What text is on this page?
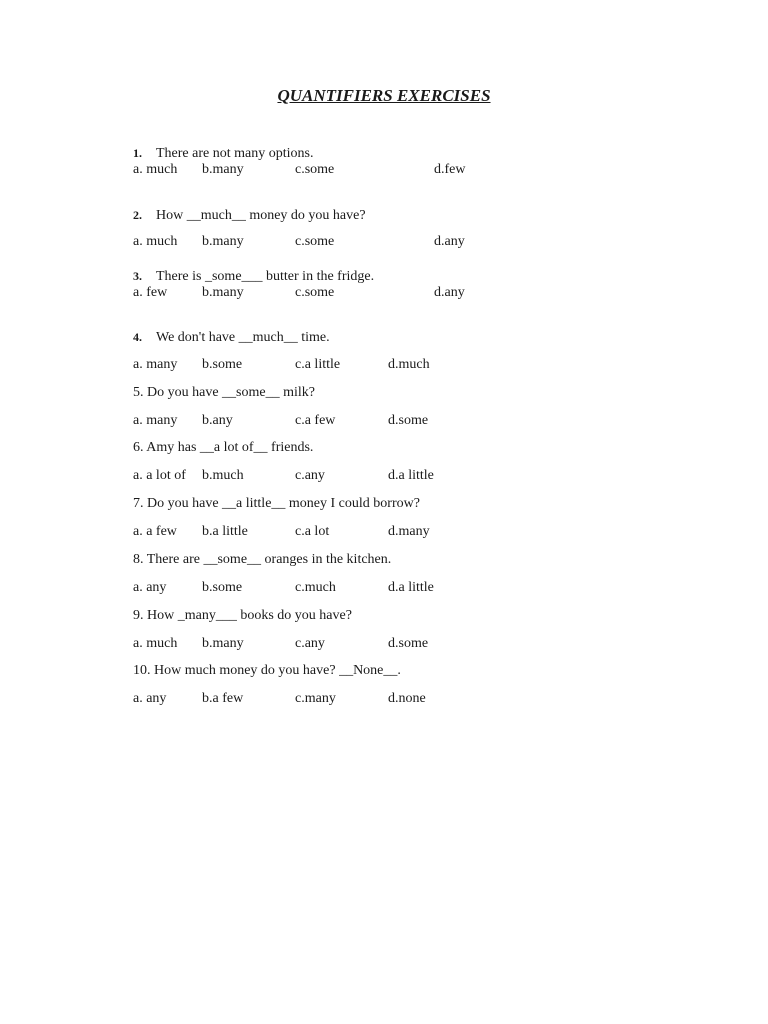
QUANTIFIERS EXERCISES
1. There are not many options.
a. much b.many	c.some	d.few
2. How __much__ money do you have?
a. much b.many	c.some	d.any
3. There is _some___ butter in the fridge.
a. few b.many	c.some	d.any
4. We don't have __much__ time.
a. many b.some	c.a little	d.much
5. Do you have __some__ milk?
a. many b.any	c.a few	d.some
6. Amy has __a lot of__ friends.
a. a lot of b.much	c.any	d.a little
7. Do you have __a little__ money I could borrow?
a. a few b.a little	c.a lot	d.many
8. There are __some__ oranges in the kitchen.
a. any	b.some	c.much	d.a little
9. How _many___ books do you have?
a. much b.many	c.any	d.some
10. How much money do you have? __None__.
a. any	b.a few	c.many	d.none
